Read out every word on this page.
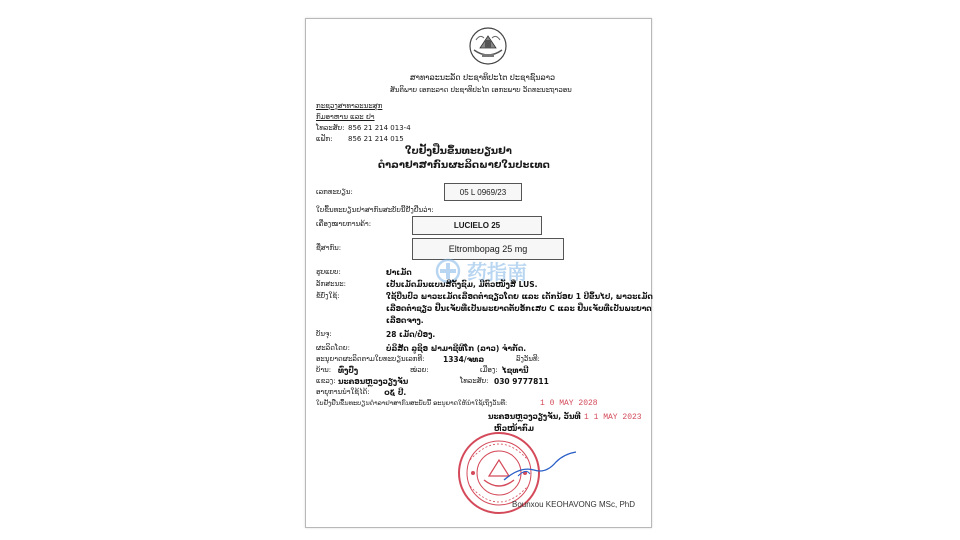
ສາທາລະນະລັດ ປະຊາທິປະໄຕ ປະຊາຊົນລາວ
ສັນຕິພາບ ເອກະລາດ ປະຊາທິປະໄຕ ເອກະພາບ ວັດທະນະຖາວອນ
ກະຊວງສາທາລະນະສຸກ
ກົມອາຫານ ແລະ ຢາ
ໂທລະສັບ: 856 21 214 013-4
ແຟັກ: 856 21 214 015
ໃບຢັ້ງຢືນຂຶ້ນທະບຽນຢາ
ດໍາລາຢາສາກົນຜະລິດພາຍໃນປະເທດ
ເລກທະບຽນ:	05 L 0969/23
ໃບຂຶ້ນທະບຽນຢາສາກົນສະບັບນີ້ຢັ້ງຢືນວ່າ:
ເຄື່ອງໝາຍການຄ້າ:	LUCIELO 25
ຊື່ສາກົນ:	Eltrombopag 25 mg
药指南
ຮູບແບບ:	ຢາເມັດ
ລັກສະນະ:	ເປັນເມັດມົນແບນສີດັ້ງຊົມ, ມີຕົວໜັງສື LUS.
ຂໍ້ບົ່ງໃຊ້:	ໃຊ້ປິ່ນປົວ ພາວະເມັດເລືອດຕໍ່າຊຽວໂດຍ ແລະ ເດັກນ້ອຍ 1 ປີຂຶ້ນໄປ, ພາວະເມັດ
ເລືອດຕໍ່າຊຽວ ຢືນເຈັບທີ່ເປັນພະຍາດຕັບອັກເສບ C ແລະ ຢືນເຈັບທີ່ເປັນພະຍາດ
ເລືອດຈາງ.
ບັນຈຸ:	28 ເມັດ/ປ໋ອງ.
ຜະລິດໂດຍ:	ບໍລິສັດ ລູຊິອ ຟາມາຊີທີໂກ (ລາວ) ຈໍາກັດ.
ອະນຸຍາດຜະລິດຕາມໃບທະບຽນເລກທີ: 1334/ຈທລ	ລົງວັນທີ:
ບ້ານ: ທົ່ງປົ່ງ	ໜ່ວຍ:	ເມືອງ: ໄຊທານີ
ແຂວງ: ນະຄອນຫຼວງວຽງຈັນ	ໂທລະສັບ: 030 9777811
ອາຍຸການນໍາໃຊ້ໄດ້: ໐໕ ປີ.
ໃບຢັ້ງຢືນຂຶ້ນທະບຽນດໍາລາຢາສາກົນສະບັບນີ້ ອະນຸຍາດໃຫ້ນໍາໃຊ້ເຖິງວັນທີ:	1 0 MAY 2028
ນະຄອນຫຼວງວຽງຈັນ, ວັນທີ 1 1 MAY 2023
ຫົວໜ້າກົມ
Bounxou KEOHAVONG MSc, PhD
